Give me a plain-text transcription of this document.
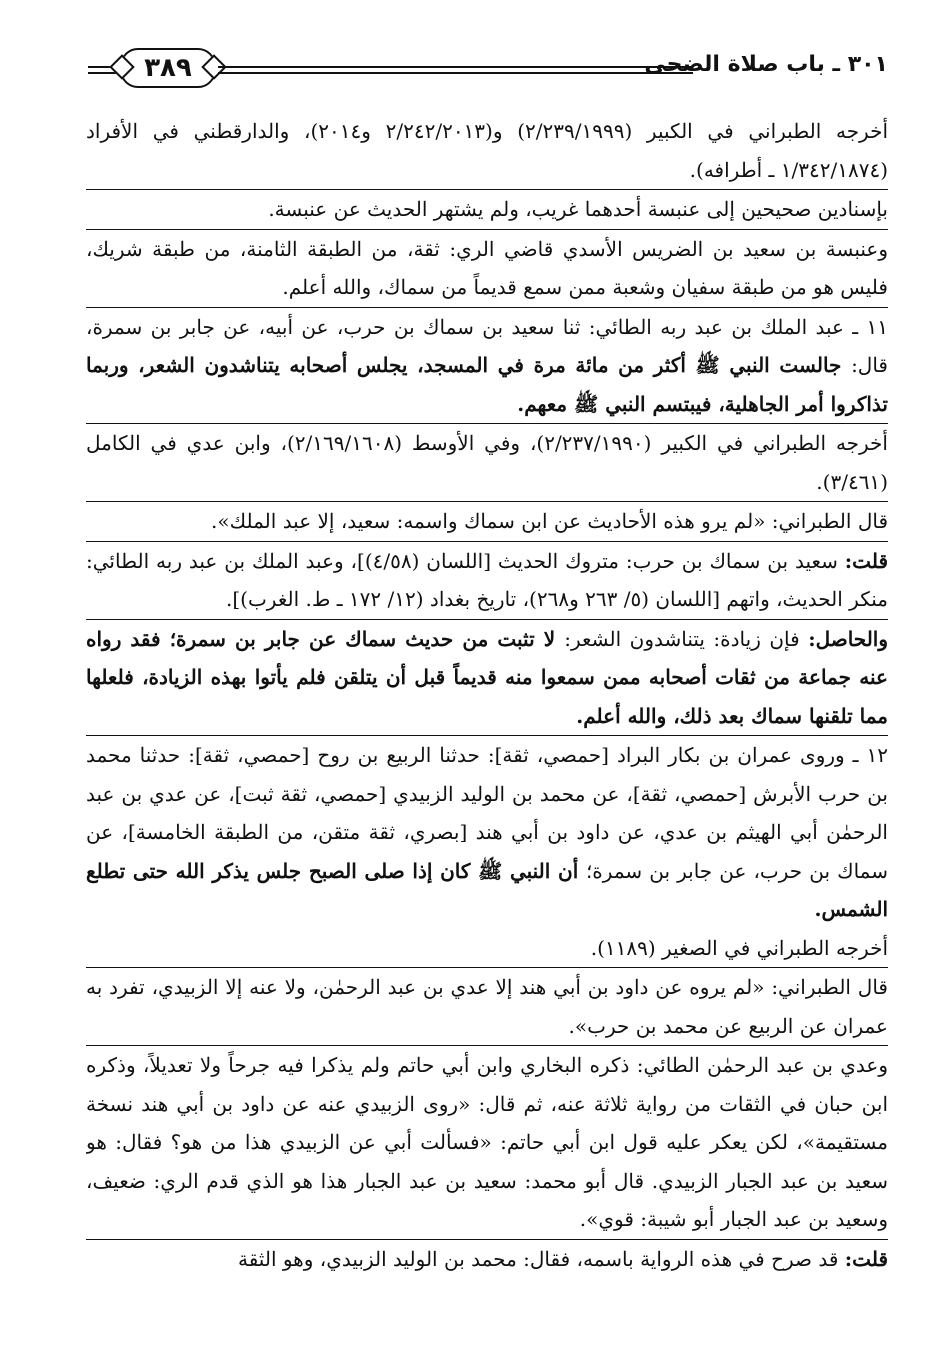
٣٨٩	٣٠١ ـ باب صلاة الضحى

أخرجه الطبراني في الكبير (٢/٢٣٩/١٩٩٩) و(٢/٢٤٢/٢٠١٣ و٢٠١٤)، والدارقطني في الأفراد (١/٣٤٢/١٨٧٤ ـ أطرافه).

بإسنادين صحيحين إلى عنبسة أحدهما غريب، ولم يشتهر الحديث عن عنبسة.

وعنبسة بن سعيد بن الضريس الأسدي قاضي الري: ثقة، من الطبقة الثامنة، من طبقة شريك، فليس هو من طبقة سفيان وشعبة ممن سمع قديماً من سماك، والله أعلم.

١١ ـ عبد الملك بن عبد ربه الطائي: ثنا سعيد بن سماك بن حرب، عن أبيه، عن جابر بن سمرة، قال: جالست النبي ﷺ أكثر من مائة مرة في المسجد، يجلس أصحابه يتناشدون الشعر، وربما تذاكروا أمر الجاهلية، فيبتسم النبي ﷺ معهم.

أخرجه الطبراني في الكبير (٢/٢٣٧/١٩٩٠)، وفي الأوسط (٢/١٦٩/١٦٠٨)، وابن عدي في الكامل (٣/٤٦١).

قال الطبراني: «لم يرو هذه الأحاديث عن ابن سماك واسمه: سعيد، إلا عبد الملك».

قلت: سعيد بن سماك بن حرب: متروك الحديث [اللسان (٤/٥٨)]، وعبد الملك بن عبد ربه الطائي: منكر الحديث، واتهم [اللسان (٥/ ٢٦٣ و٢٦٨)، تاريخ بغداد (١٢/ ١٧٢ ـ ط. الغرب)].

والحاصل: فإن زيادة: يتناشدون الشعر: لا تثبت من حديث سماك عن جابر بن سمرة؛ فقد رواه عنه جماعة من ثقات أصحابه ممن سمعوا منه قديماً قبل أن يتلقن فلم يأتوا بهذه الزيادة، فلعلها مما تلقنها سماك بعد ذلك، والله أعلم.

١٢ ـ وروى عمران بن بكار البراد [حمصي، ثقة]: حدثنا الربيع بن روح [حمصي، ثقة]: حدثنا محمد بن حرب الأبرش [حمصي، ثقة]، عن محمد بن الوليد الزبيدي [حمصي، ثقة ثبت]، عن عدي بن عبد الرحمٰن أبي الهيثم بن عدي، عن داود بن أبي هند [بصري، ثقة متقن، من الطبقة الخامسة]، عن سماك بن حرب، عن جابر بن سمرة؛ أن النبي ﷺ كان إذا صلى الصبح جلس يذكر الله حتى تطلع الشمس.

أخرجه الطبراني في الصغير (١١٨٩).

قال الطبراني: «لم يروه عن داود بن أبي هند إلا عدي بن عبد الرحمٰن، ولا عنه إلا الزبيدي، تفرد به عمران عن الربيع عن محمد بن حرب».

وعدي بن عبد الرحمٰن الطائي: ذكره البخاري وابن أبي حاتم ولم يذكرا فيه جرحاً ولا تعديلاً، وذكره ابن حبان في الثقات من رواية ثلاثة عنه، ثم قال: «روى الزبيدي عنه عن داود بن أبي هند نسخة مستقيمة»، لكن يعكر عليه قول ابن أبي حاتم: «فسألت أبي عن الزبيدي هذا من هو؟ فقال: هو سعيد بن عبد الجبار الزبيدي. قال أبو محمد: سعيد بن عبد الجبار هذا هو الذي قدم الري: ضعيف، وسعيد بن عبد الجبار أبو شيبة: قوي».

قلت: قد صرح في هذه الرواية باسمه، فقال: محمد بن الوليد الزبيدي، وهو الثقة
